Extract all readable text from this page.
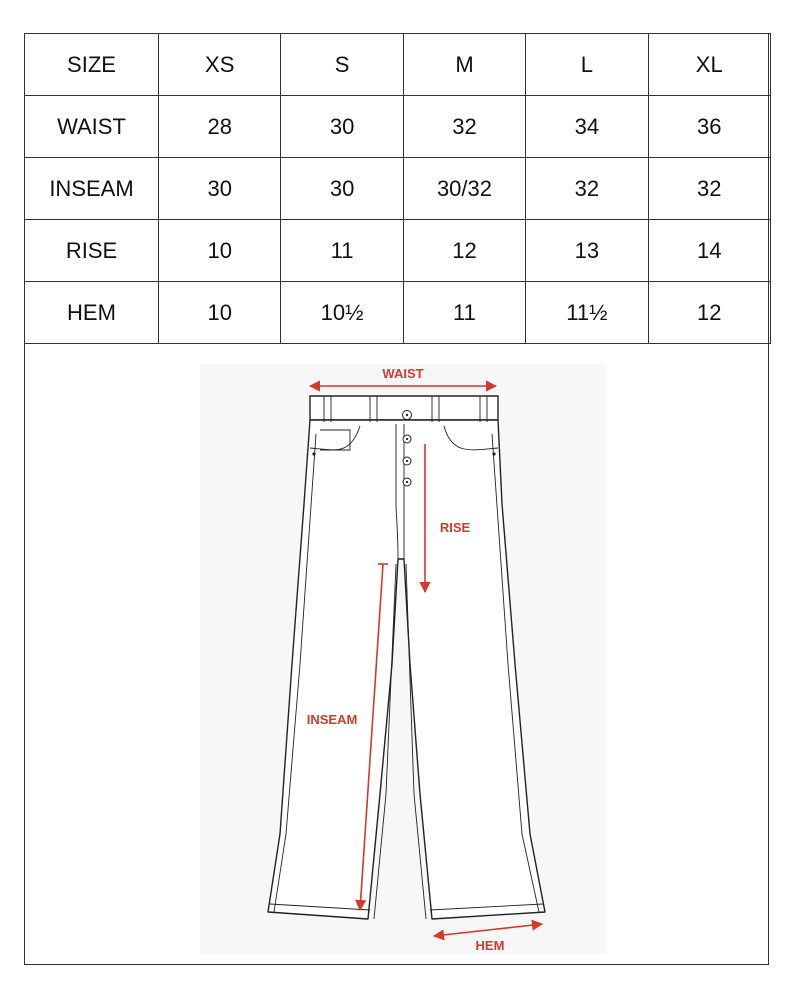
SIZE	XS	S	M	L	XL
WAIST	28	30	32	34	36
INSEAM	30	30	30/32	32	32
RISE	10	11	12	13	14
HEM	10	10½	11	11½	12
WAIST
RISE
INSEAM
HEM
